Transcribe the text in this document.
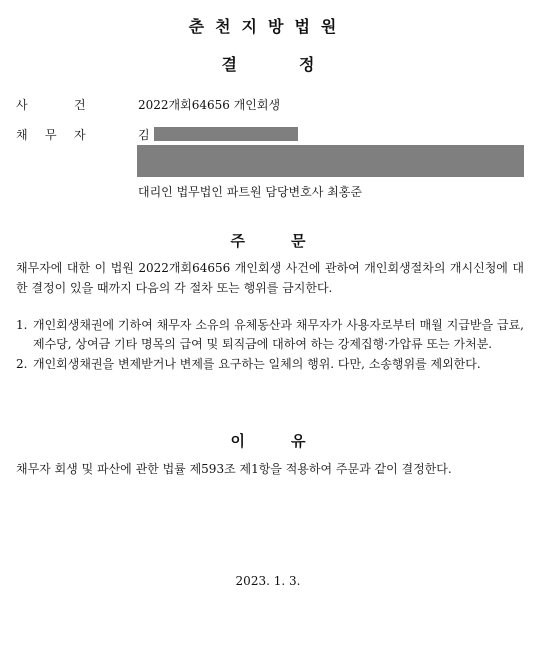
춘천지방법원
결	정
사	건	2022개회64656 개인회생
채 무 자	김
대리인 법무법인 파트원 담당변호사 최홍준
주	문
채무자에 대한 이 법원 2022개회64656 개인회생 사건에 관하여 개인회생절차의 개시신청에 대한 결정이 있을 때까지 다음의 각 절차 또는 행위를 금지한다.
1. 개인회생채권에 기하여 채무자 소유의 유체동산과 채무자가 사용자로부터 매월 지급받을 급료, 제수당, 상여금 기타 명목의 급여 및 퇴직금에 대하여 하는 강제집행·가압류 또는 가처분.
2. 개인회생채권을 변제받거나 변제를 요구하는 일체의 행위. 다만, 소송행위를 제외한다.
이	유
채무자 회생 및 파산에 관한 법률 제593조 제1항을 적용하여 주문과 같이 결정한다.
2023. 1. 3.
